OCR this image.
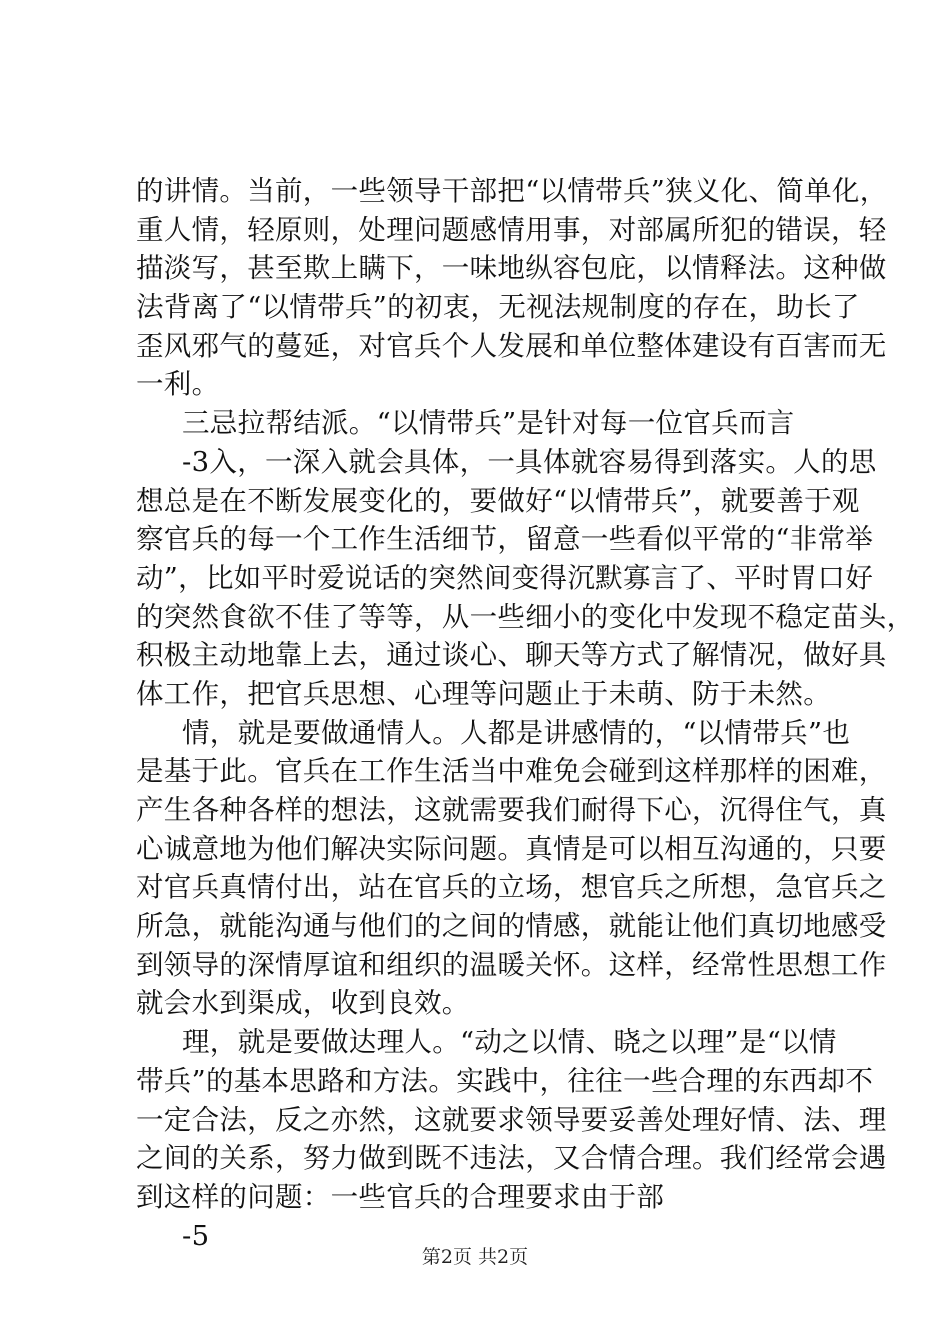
的讲情。当前，一些领导干部把“以情带兵”狭义化、简单化，
重人情，轻原则，处理问题感情用事，对部属所犯的错误，轻
描淡写，甚至欺上瞒下，一味地纵容包庇，以情释法。这种做
法背离了“以情带兵”的初衷，无视法规制度的存在，助长了
歪风邪气的蔓延，对官兵个人发展和单位整体建设有百害而无
一利。
三忌拉帮结派。“以情带兵”是针对每一位官兵而言
-3入，一深入就会具体，一具体就容易得到落实。人的思
想总是在不断发展变化的，要做好“以情带兵”，就要善于观
察官兵的每一个工作生活细节，留意一些看似平常的“非常举
动”，比如平时爱说话的突然间变得沉默寡言了、平时胃口好
的突然食欲不佳了等等，从一些细小的变化中发现不稳定苗头，
积极主动地靠上去，通过谈心、聊天等方式了解情况，做好具
体工作，把官兵思想、心理等问题止于未萌、防于未然。
情，就是要做通情人。人都是讲感情的，“以情带兵”也
是基于此。官兵在工作生活当中难免会碰到这样那样的困难，
产生各种各样的想法，这就需要我们耐得下心，沉得住气，真
心诚意地为他们解决实际问题。真情是可以相互沟通的，只要
对官兵真情付出，站在官兵的立场，想官兵之所想，急官兵之
所急，就能沟通与他们的之间的情感，就能让他们真切地感受
到领导的深情厚谊和组织的温暖关怀。这样，经常性思想工作
就会水到渠成，收到良效。
理，就是要做达理人。“动之以情、晓之以理”是“以情
带兵”的基本思路和方法。实践中，往往一些合理的东西却不
一定合法，反之亦然，这就要求领导要妥善处理好情、法、理
之间的关系，努力做到既不违法，又合情合理。我们经常会遇
到这样的问题：一些官兵的合理要求由于部
-5
第2页 共2页
